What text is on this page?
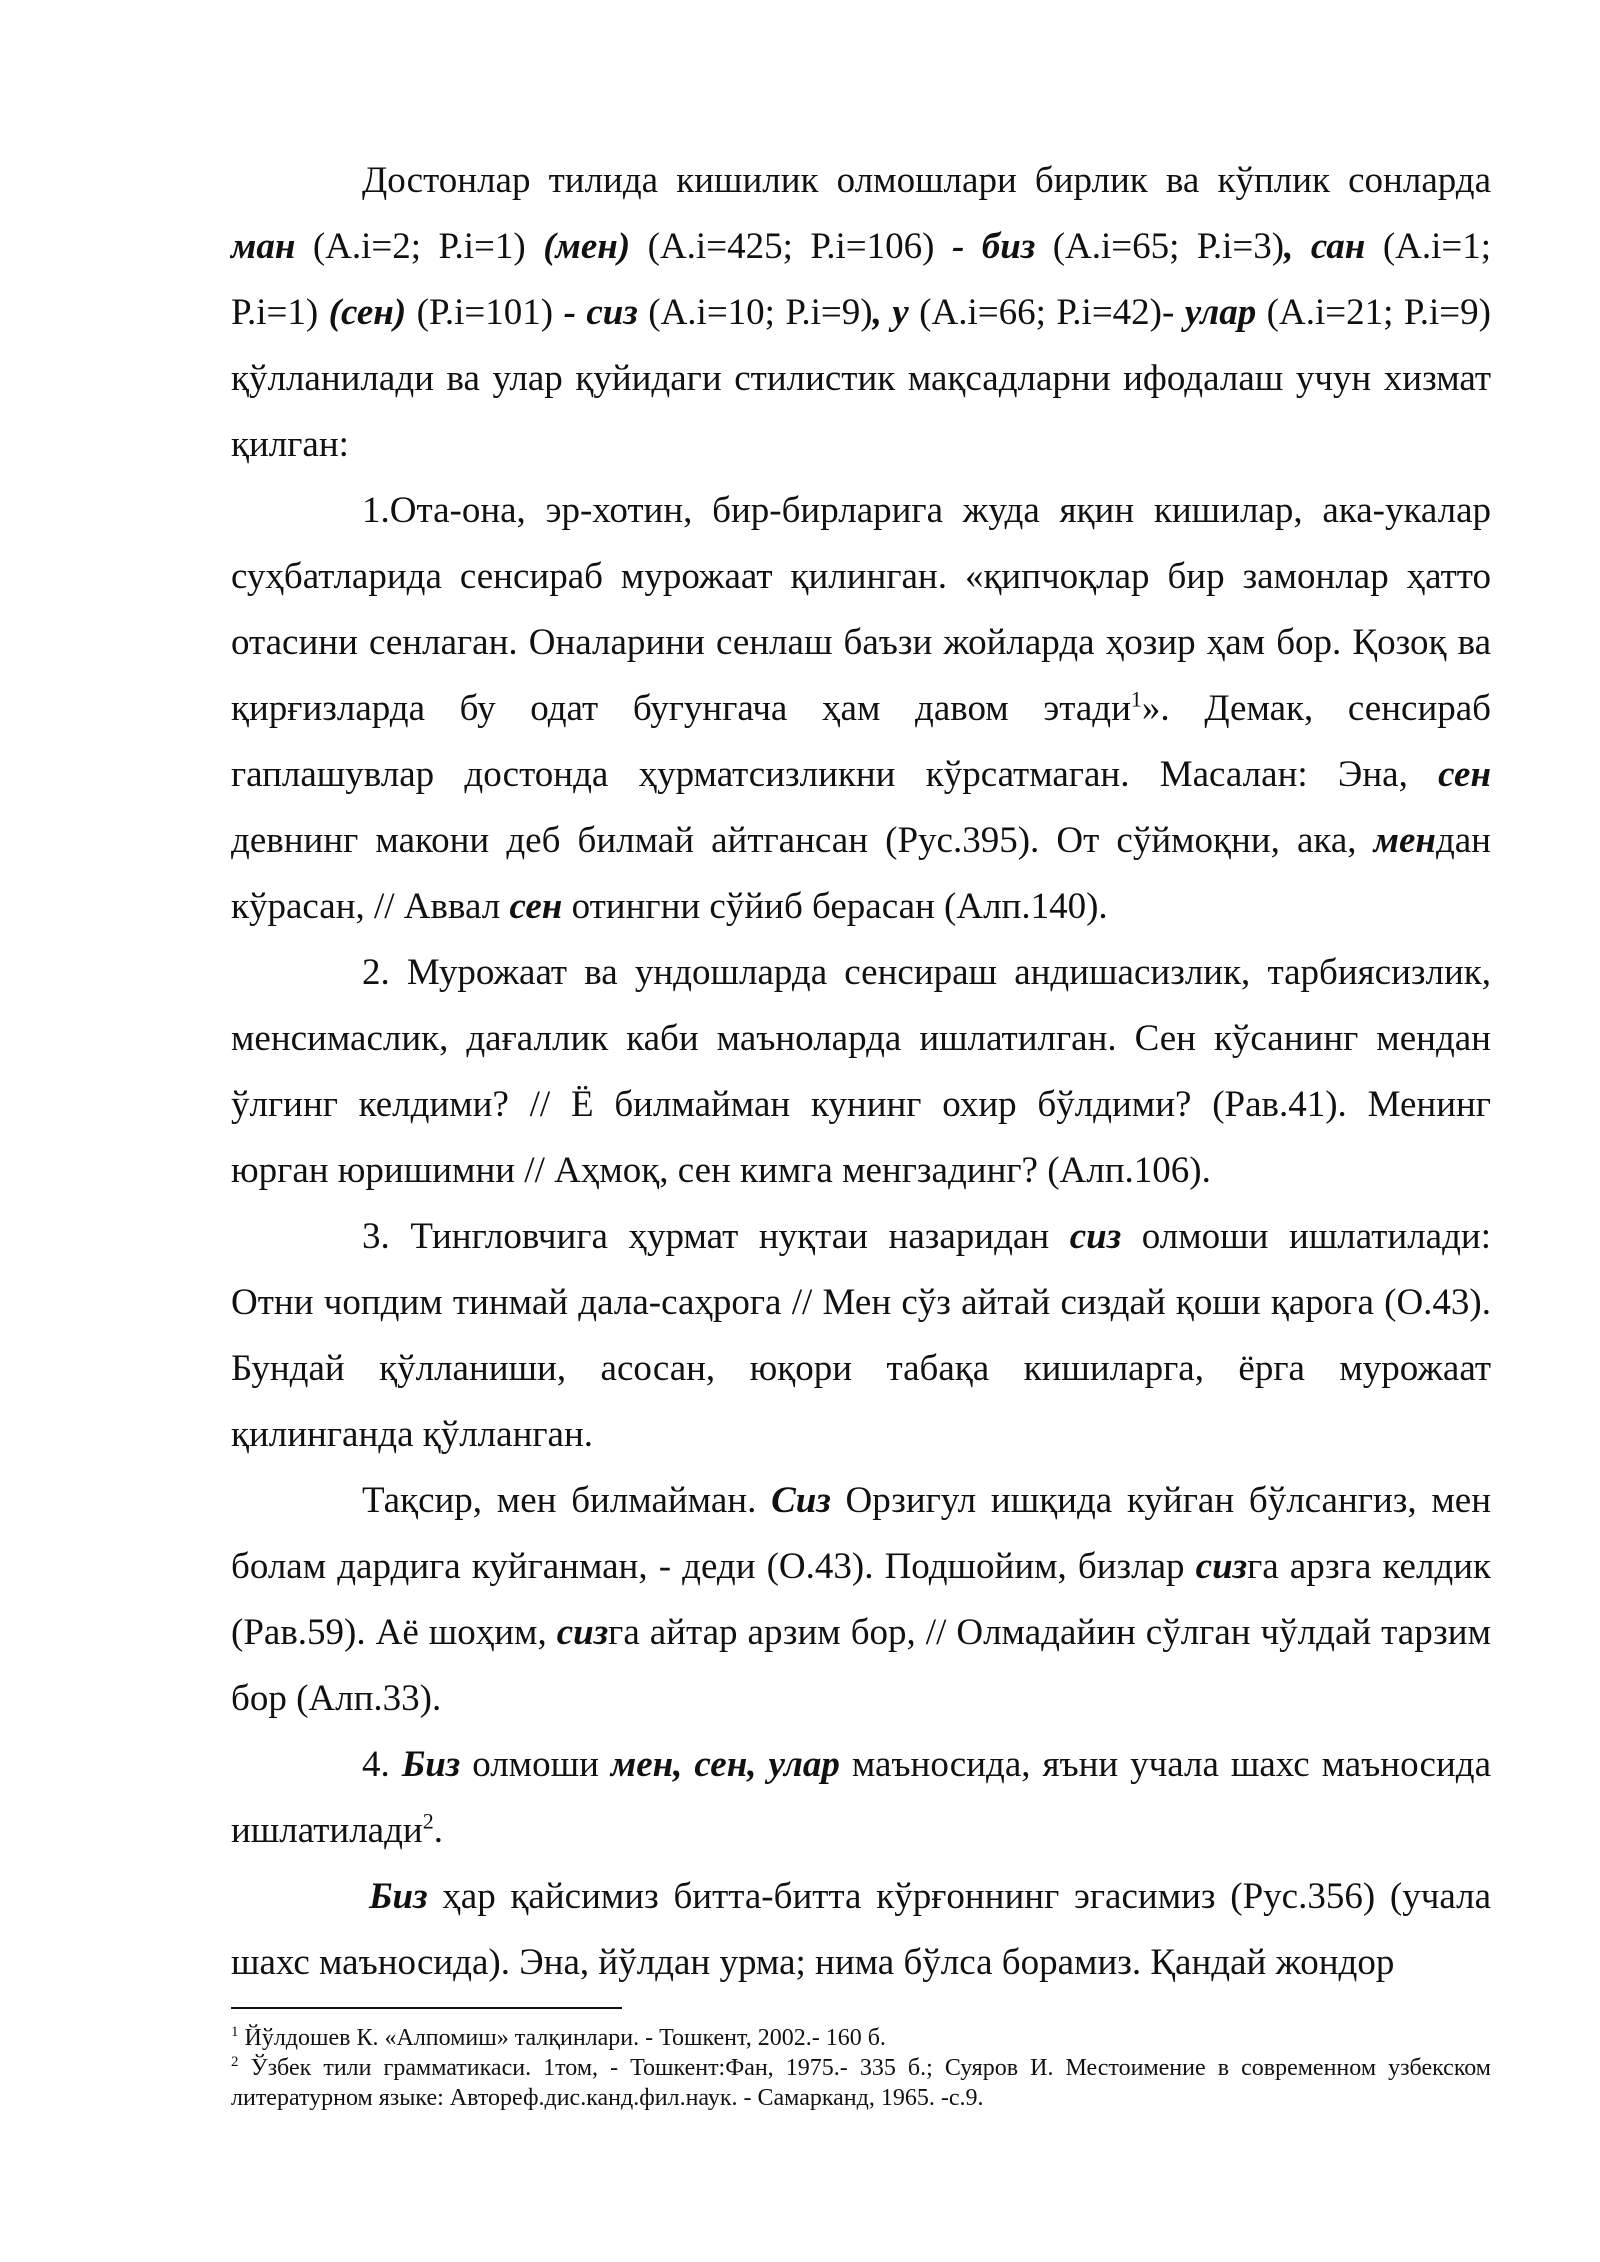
Достонлар тилида кишилик олмошлари бирлик ва кўплик сонларда ман (А.i=2; Р.i=1) (мен) (А.i=425; Р.i=106) - биз (А.i=65; Р.i=3), сан (А.i=1; Р.i=1) (сен) (Р.i=101) - сиз (А.i=10; Р.i=9), у (А.i=66; Р.i=42)- улар (А.i=21; Р.i=9) қўлланилади ва улар қуйидаги стилистик мақсадларни ифодалаш учун хизмат қилган:

1.Ота-она, эр-хотин, бир-бирларига жуда яқин кишилар, ака-укалар суҳбатларида сенсираб мурожаат қилинган. «қипчоқлар бир замонлар ҳатто отасини сенлаган. Оналарини сенлаш баъзи жойларда ҳозир ҳам бор. Қозоқ ва қирғизларда бу одат бугунгача ҳам давом этади$^1$». Демак, сенсираб гаплашувлар достонда ҳурматсизликни кўрсатмаган. Масалан: Эна, сен девнинг макони деб билмай айтгансан (Рус.395). От сўймоқни, ака, мендан кўрасан, // Аввал сен отингни сўйиб берасан (Алп.140).

2. Мурожаат ва ундошларда сенсираш андишасизлик, тарбиясизлик, менсимаслик, дағаллик каби маъноларда ишлатилган. Сен кўсанинг мендан ўлгинг келдими? // Ё билмайман кунинг охир бўлдими? (Рав.41). Менинг юрган юришимни // Аҳмоқ, сен кимга менгзадинг? (Алп.106).

3. Тингловчига ҳурмат нуқтаи назаридан сиз олмоши ишлатилади: Отни чопдим тинмай дала-саҳрога // Мен сўз айтай сиздай қоши қарога (О.43). Бундай қўлланиши, асосан, юқори табақа кишиларга, ёрга мурожаат қилинганда қўлланган.

Тақсир, мен билмайман. Сиз Орзигул ишқида куйган бўлсангиз, мен болам дардига куйганман, - деди (О.43). Подшойим, бизлар сизга арзга келдик (Рав.59). Аё шоҳим, сизга айтар арзим бор, // Олмадайин сўлган чўлдай тарзим бор (Алп.33).

4. Биз олмоши мен, сен, улар маъносида, яъни учала шахс маъносида ишлатилади$^2$.

Биз ҳар қайсимиз битта-битта кўрғоннинг эгасимиз (Рус.356) (учала шахс маъносида). Эна, йўлдан урма; нима бўлса борамиз. Қандай жондор

$^1$ Йўлдошев К. «Алпомиш» талқинлари. - Тошкент, 2002.- 160 б.

$^2$ Ўзбек тили грамматикаси. 1том, - Тошкент:Фан, 1975.- 335 б.; Суяров И. Местоимение в современном узбекском литературном языке: Автореф.дис.канд.фил.наук. - Самарканд, 1965. -с.9.
